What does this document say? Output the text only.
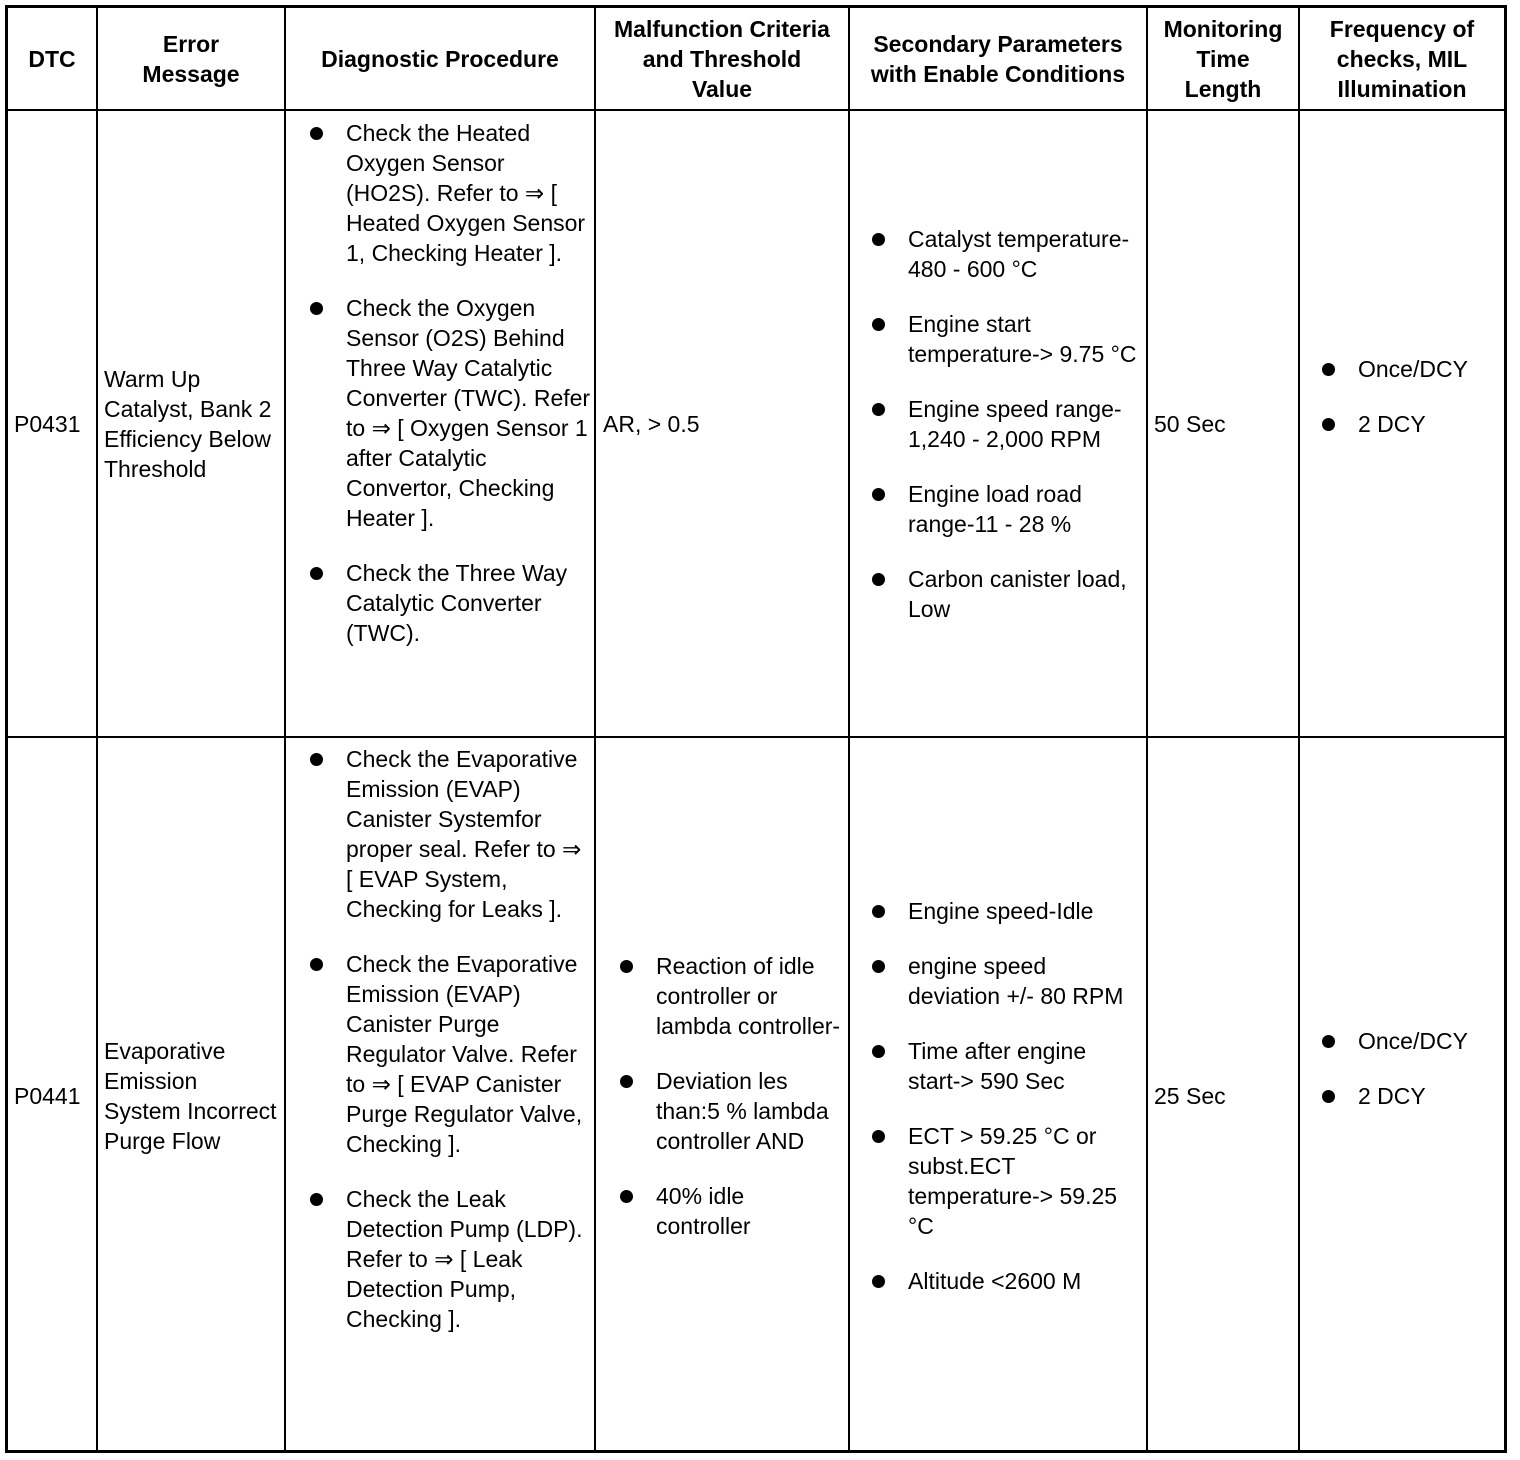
DTC
Error
Message
Diagnostic Procedure
Malfunction Criteria
and Threshold
Value
Secondary Parameters
with Enable Conditions
Monitoring
Time
Length
Frequency of
checks, MIL
Illumination
P0431
Warm Up Catalyst, Bank 2 Efficiency Below Threshold
Check the Heated Oxygen Sensor (HO2S). Refer to ⇒ [ Heated Oxygen Sensor 1, Checking Heater ].
Check the Oxygen Sensor (O2S) Behind Three Way Catalytic Converter (TWC). Refer to ⇒ [ Oxygen Sensor 1 after Catalytic Convertor, Checking Heater ].
Check the Three Way Catalytic Converter (TWC).
AR, > 0.5
Catalyst temperature- 480 - 600 °C
Engine start temperature-> 9.75 °C
Engine speed range-1,240 - 2,000 RPM
Engine load road range-11 - 28 %
Carbon canister load, Low
50 Sec
Once/DCY
2 DCY
P0441
Evaporative Emission System Incorrect Purge Flow
Check the Evaporative Emission (EVAP) Canister Systemfor proper seal. Refer to ⇒ [ EVAP System, Checking for Leaks ].
Check the Evaporative Emission (EVAP) Canister Purge Regulator Valve. Refer to ⇒ [ EVAP Canister Purge Regulator Valve, Checking ].
Check the Leak Detection Pump (LDP). Refer to ⇒ [ Leak Detection Pump, Checking ].
Reaction of idle controller or lambda controller-
Deviation les than:5 % lambda controller AND
40% idle controller
Engine speed-Idle
engine speed deviation +/- 80 RPM
Time after engine start-> 590 Sec
ECT > 59.25 °C or subst.ECT temperature-> 59.25 °C
Altitude <2600 M
25 Sec
Once/DCY
2 DCY
